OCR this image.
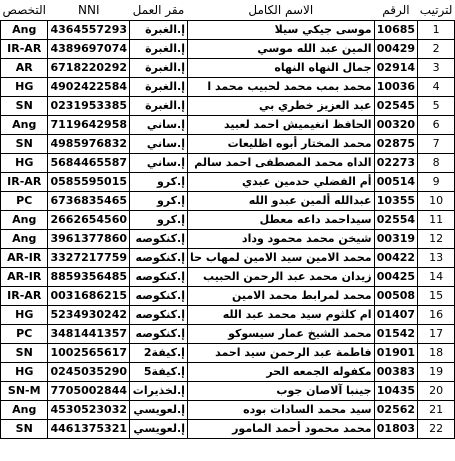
التخصص	NNI	مقر العمل	الاسم الكامل	الرقم	لترتيب
Ang	4364557293	إ.الغبرة	موسى جيكي سيلا	10685	1
IR-AR	4389697074	إ.الغبرة	المين عبد الله موسي	00429	2
AR	6718220292	إ.الغبرة	جمال النهاه النهاه	02914	3
HG	4902422584	إ.الغبرة	محمد بمب محمد لحبيب محمد ا	10036	4
SN	0231953385	إ.الغبرة	عبد العزيز خطري بي	02545	5
Ang	7119642958	إ.ساني	الحافظ انغيميش احمد لعبيد	00320	6
SN	4985976832	إ.ساني	محمد المختار أبوه اظليعات	02875	7
HG	5684465587	إ.ساني	الداه محمد المصطفى احمد سالم	02273	8
IR-AR	0585595015	إ.كرو	أم الفضلي حدمين عبدي	00514	9
PC	6736835465	إ.كرو	عبدالله ألمين عبدو الله	10355	10
Ang	2662654560	إ.كرو	سيداحمد داعه معطل	02554	11
Ang	3961377860	إ.كنكوصه	شيخن محمد محمود وداد	00319	12
AR-IR	3327217759	إ.كنكوصه	محمد الامين سيد الامين لمهاب حا	00422	13
AR-IR	8859356485	إ.كنكوصه	زيدان محمد عبد الرحمن الحبيب	00425	14
IR-AR	0031686215	إ.كنكوصه	محمد لمرابط محمد الامين	00508	15
HG	5234930242	إ.كنكوصه	ام كلثوم سيد محمد عبد الله	01407	16
PC	3481441357	إ.كنكوصه	محمد الشيخ عمار سيسوكو	01542	17
SN	1002565617	إ.كيفة2	فاطمة عبد الرحمن سيد احمد	01901	18
HG	0245035290	إ.كيفة5	مكفوله الجمعه الحر	00383	19
SN-M	7705002844	إ.لخذيرات	جينبا آلاصان جوب	10435	20
Ang	4530523032	إ.لعويسي	سيد محمد السادات بوده	02562	21
SN	4461375321	إ.لعويسي	محمد محمود أحمد المامور	01803	22
